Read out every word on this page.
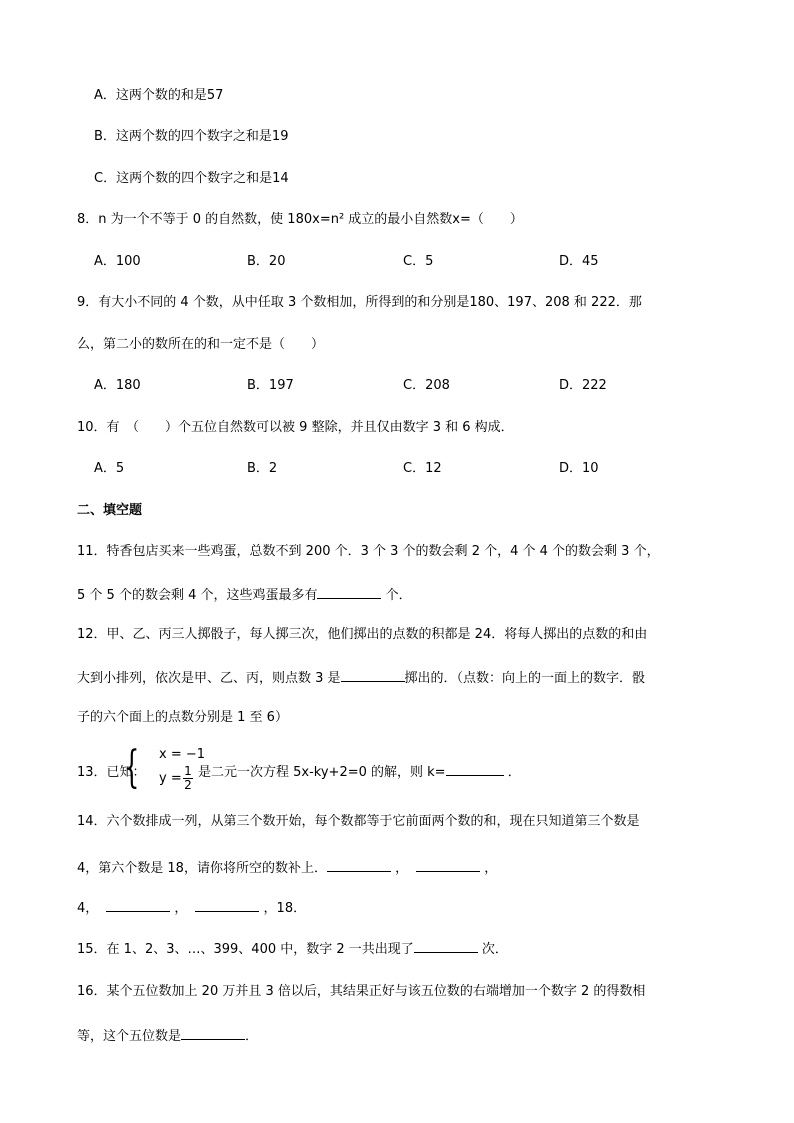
A．这两个数的和是57
B．这两个数的四个数字之和是19
C．这两个数的四个数字之和是14
8．n 为一个不等于 0 的自然数，使 180x=n² 成立的最小自然数x=（　　）
A．100	B．20	C．5	D．45
9．有大小不同的 4 个数，从中任取 3 个数相加，所得到的和分别是180、197、208 和 222．那
么，第二小的数所在的和一定不是（　　）
A．180	B．197	C．208	D．222
10．有　（　　）个五位自然数可以被 9 整除，并且仅由数字 3 和 6 构成．
A．5	B．2	C．12	D．10
二、填空题
11．特香包店买来一些鸡蛋，总数不到 200 个．3 个 3 个的数会剩 2 个，4 个 4 个的数会剩 3 个，
5 个 5 个的数会剩 4 个，这些鸡蛋最多有	个．
12．甲、乙、丙三人掷骰子，每人掷三次，他们掷出的点数的积都是 24．将每人掷出的点数的和由
大到小排列，依次是甲、乙、丙，则点数 3 是	掷出的．（点数：向上的一面上的数字．骰
子的六个面上的点数分别是 1 至 6）
13．已知：
{ x = −1
$y = \frac{1}{2}$ 是二元一次方程 5x-ky+2=0 的解，则 k=	．
14．六个数排成一列，从第三个数开始，每个数都等于它前面两个数的和，现在只知道第三个数是
4，第六个数是 18，请你将所空的数补上．	，	，
4，	，	，18．
15．在 1、2、3、…、399、400 中，数字 2 一共出现了	次．
16．某个五位数加上 20 万并且 3 倍以后，其结果正好与该五位数的右端增加一个数字 2 的得数相
等，这个五位数是	．
